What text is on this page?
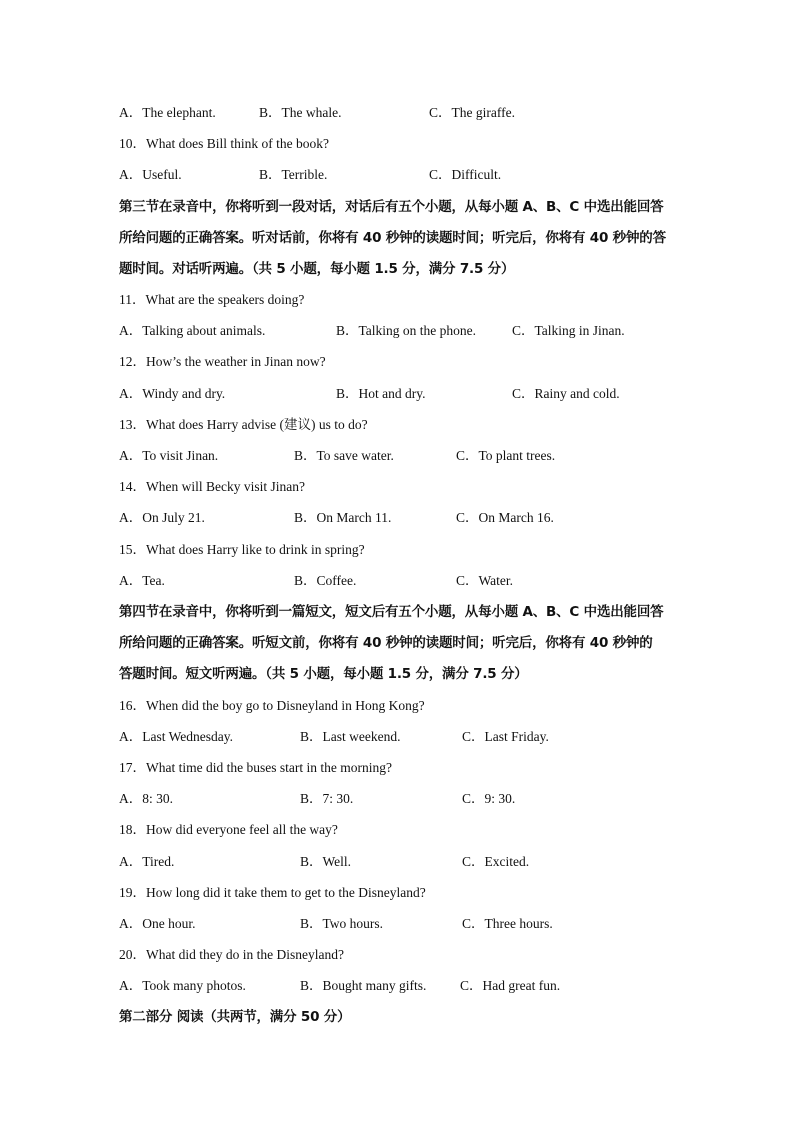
A．The elephant.	B．The whale.	C．The giraffe.
10．What does Bill think of the book?
A．Useful.	B．Terrible.	C．Difficult.
第三节在录音中，你将听到一段对话，对话后有五个小题，从每小题 A、B、C 中选出能回答
所给问题的正确答案。听对话前，你将有 40 秒钟的读题时间；听完后，你将有 40 秒钟的答
题时间。对话听两遍。（共 5 小题，每小题 1.5 分，满分 7.5 分）
11．What are the speakers doing?
A．Talking about animals.	B．Talking on the phone.	C．Talking in Jinan.
12．How’s the weather in Jinan now?
A．Windy and dry.	B．Hot and dry.	C．Rainy and cold.
13．What does Harry advise (建议) us to do?
A．To visit Jinan.	B．To save water.	C．To plant trees.
14．When will Becky visit Jinan?
A．On July 21.	B．On March 11.	C．On March 16.
15．What does Harry like to drink in spring?
A．Tea.	B．Coffee.	C．Water.
第四节在录音中，你将听到一篇短文，短文后有五个小题，从每小题 A、B、C 中选出能回答
所给问题的正确答案。听短文前，你将有 40 秒钟的读题时间；听完后，你将有 40 秒钟的
答题时间。短文听两遍。（共 5 小题，每小题 1.5 分，满分 7.5 分）
16．When did the boy go to Disneyland in Hong Kong?
A．Last Wednesday.	B．Last weekend.	C．Last Friday.
17．What time did the buses start in the morning?
A．8: 30.	B．7: 30.	C．9: 30.
18．How did everyone feel all the way?
A．Tired.	B．Well.	C．Excited.
19．How long did it take them to get to the Disneyland?
A．One hour.	B．Two hours.	C．Three hours.
20．What did they do in the Disneyland?
A．Took many photos.	B．Bought many gifts. C．Had great fun.
第二部分 阅读（共两节，满分 50 分）
